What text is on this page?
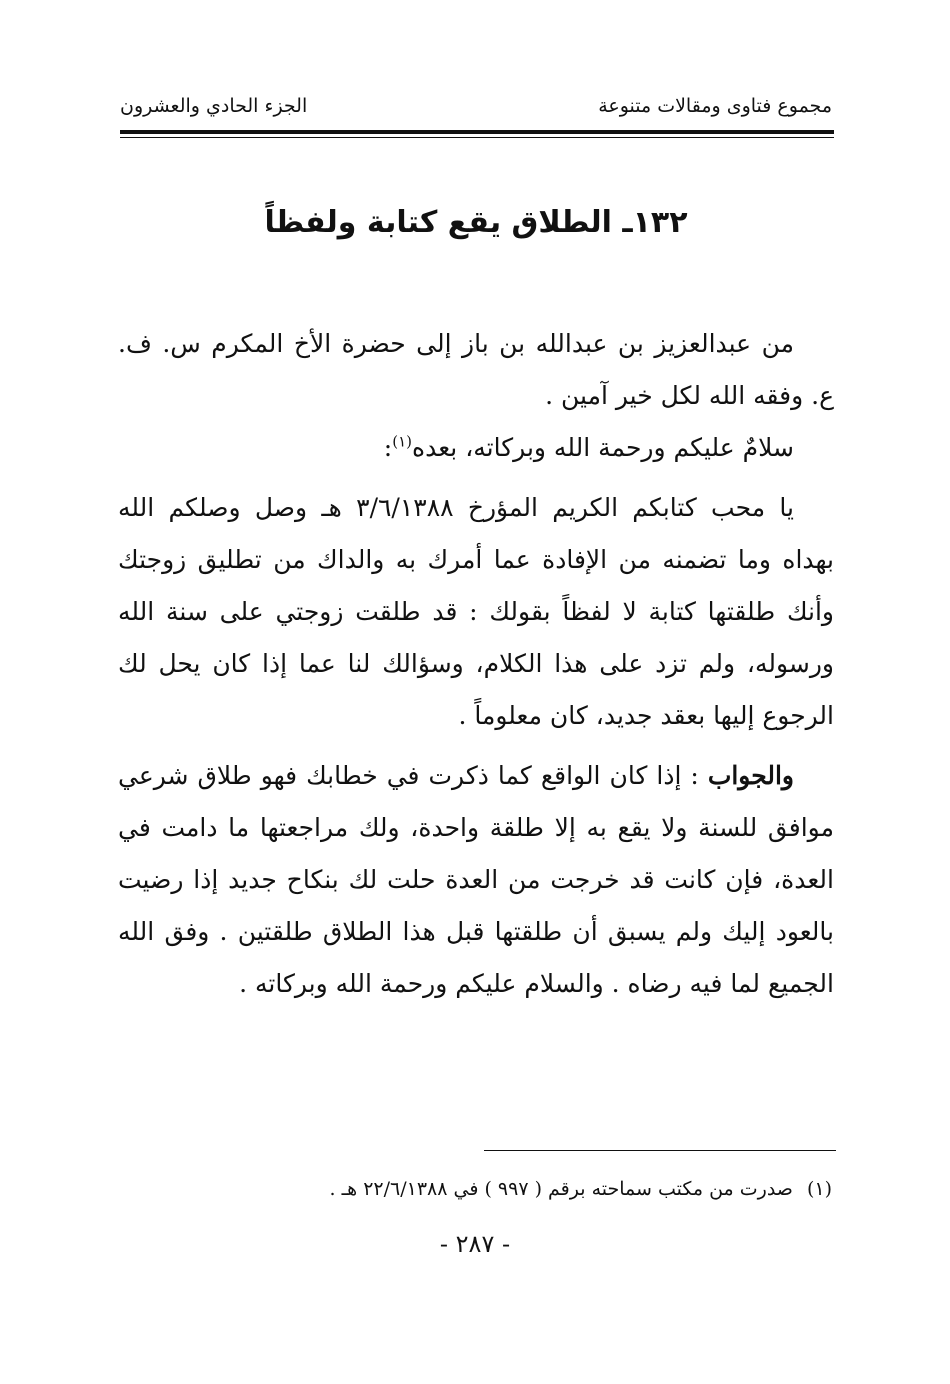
مجموع فتاوى ومقالات متنوعة
الجزء الحادي والعشرون
١٣٢ـ الطلاق يقع كتابة ولفظاً

من عبدالعزيز بن عبدالله بن باز إلى حضرة الأخ المكرم س. ف. ع. وفقه الله لكل خير آمين .

سلامٌ عليكم ورحمة الله وبركاته، بعده$^{(١)}$:

يا محب كتابكم الكريم المؤرخ ٣/٦/١٣٨٨ هـ وصل وصلكم الله بهداه وما تضمنه من الإفادة عما أمرك به والداك من تطليق زوجتك وأنك طلقتها كتابة لا لفظاً بقولك : قد طلقت زوجتي على سنة الله ورسوله، ولم تزد على هذا الكلام، وسؤالك لنا عما إذا كان يحل لك الرجوع إليها بعقد جديد، كان معلوماً .

والجواب : إذا كان الواقع كما ذكرت في خطابك فهو طلاق شرعي موافق للسنة ولا يقع به إلا طلقة واحدة، ولك مراجعتها ما دامت في العدة، فإن كانت قد خرجت من العدة حلت لك بنكاح جديد إذا رضيت بالعود إليك ولم يسبق أن طلقتها قبل هذا الطلاق طلقتين . وفق الله الجميع لما فيه رضاه . والسلام عليكم ورحمة الله وبركاته .

(١)صدرت من مكتب سماحته برقم ( ٩٩٧ ) في ٢٢/٦/١٣٨٨ هـ .
- ٢٨٧ -
